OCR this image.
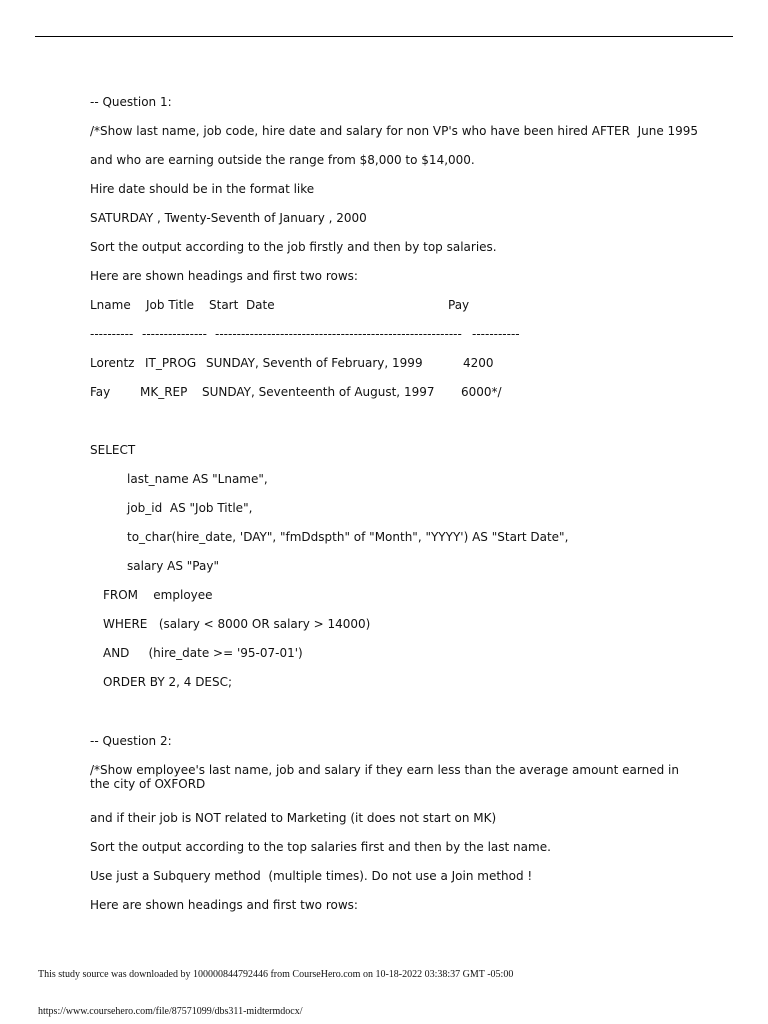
-- Question 1:
/*Show last name, job code, hire date and salary for non VP's who have been hired AFTER  June 1995
and who are earning outside the range from $8,000 to $14,000.
Hire date should be in the format like
SATURDAY , Twenty-Seventh of January , 2000
Sort the output according to the job firstly and then by top salaries.
Here are shown headings and first two rows:
Lname Job Title Start  Date	Pay
---------- --------------- --------------------------------------------------------- -----------
Lorentz IT_PROG SUNDAY, Seventh of February, 1999	4200
Fay MK_REP SUNDAY, Seventeenth of August, 1997 6000*/
SELECT
last_name AS "Lname",
job_id  AS "Job Title",
to_char(hire_date, 'DAY", "fmDdspth" of "Month", "YYYY') AS "Start Date",
salary AS "Pay"
FROM    employee
WHERE   (salary < 8000 OR salary > 14000)
AND     (hire_date >= '95-07-01')
ORDER BY 2, 4 DESC;
-- Question 2:
/*Show employee's last name, job and salary if they earn less than the average amount earned in the city of OXFORD
and if their job is NOT related to Marketing (it does not start on MK)
Sort the output according to the top salaries first and then by the last name.
Use just a Subquery method  (multiple times). Do not use a Join method !
Here are shown headings and first two rows:
This study source was downloaded by 100000844792446 from CourseHero.com on 10-18-2022 03:38:37 GMT -05:00
https://www.coursehero.com/file/87571099/dbs311-midtermdocx/
